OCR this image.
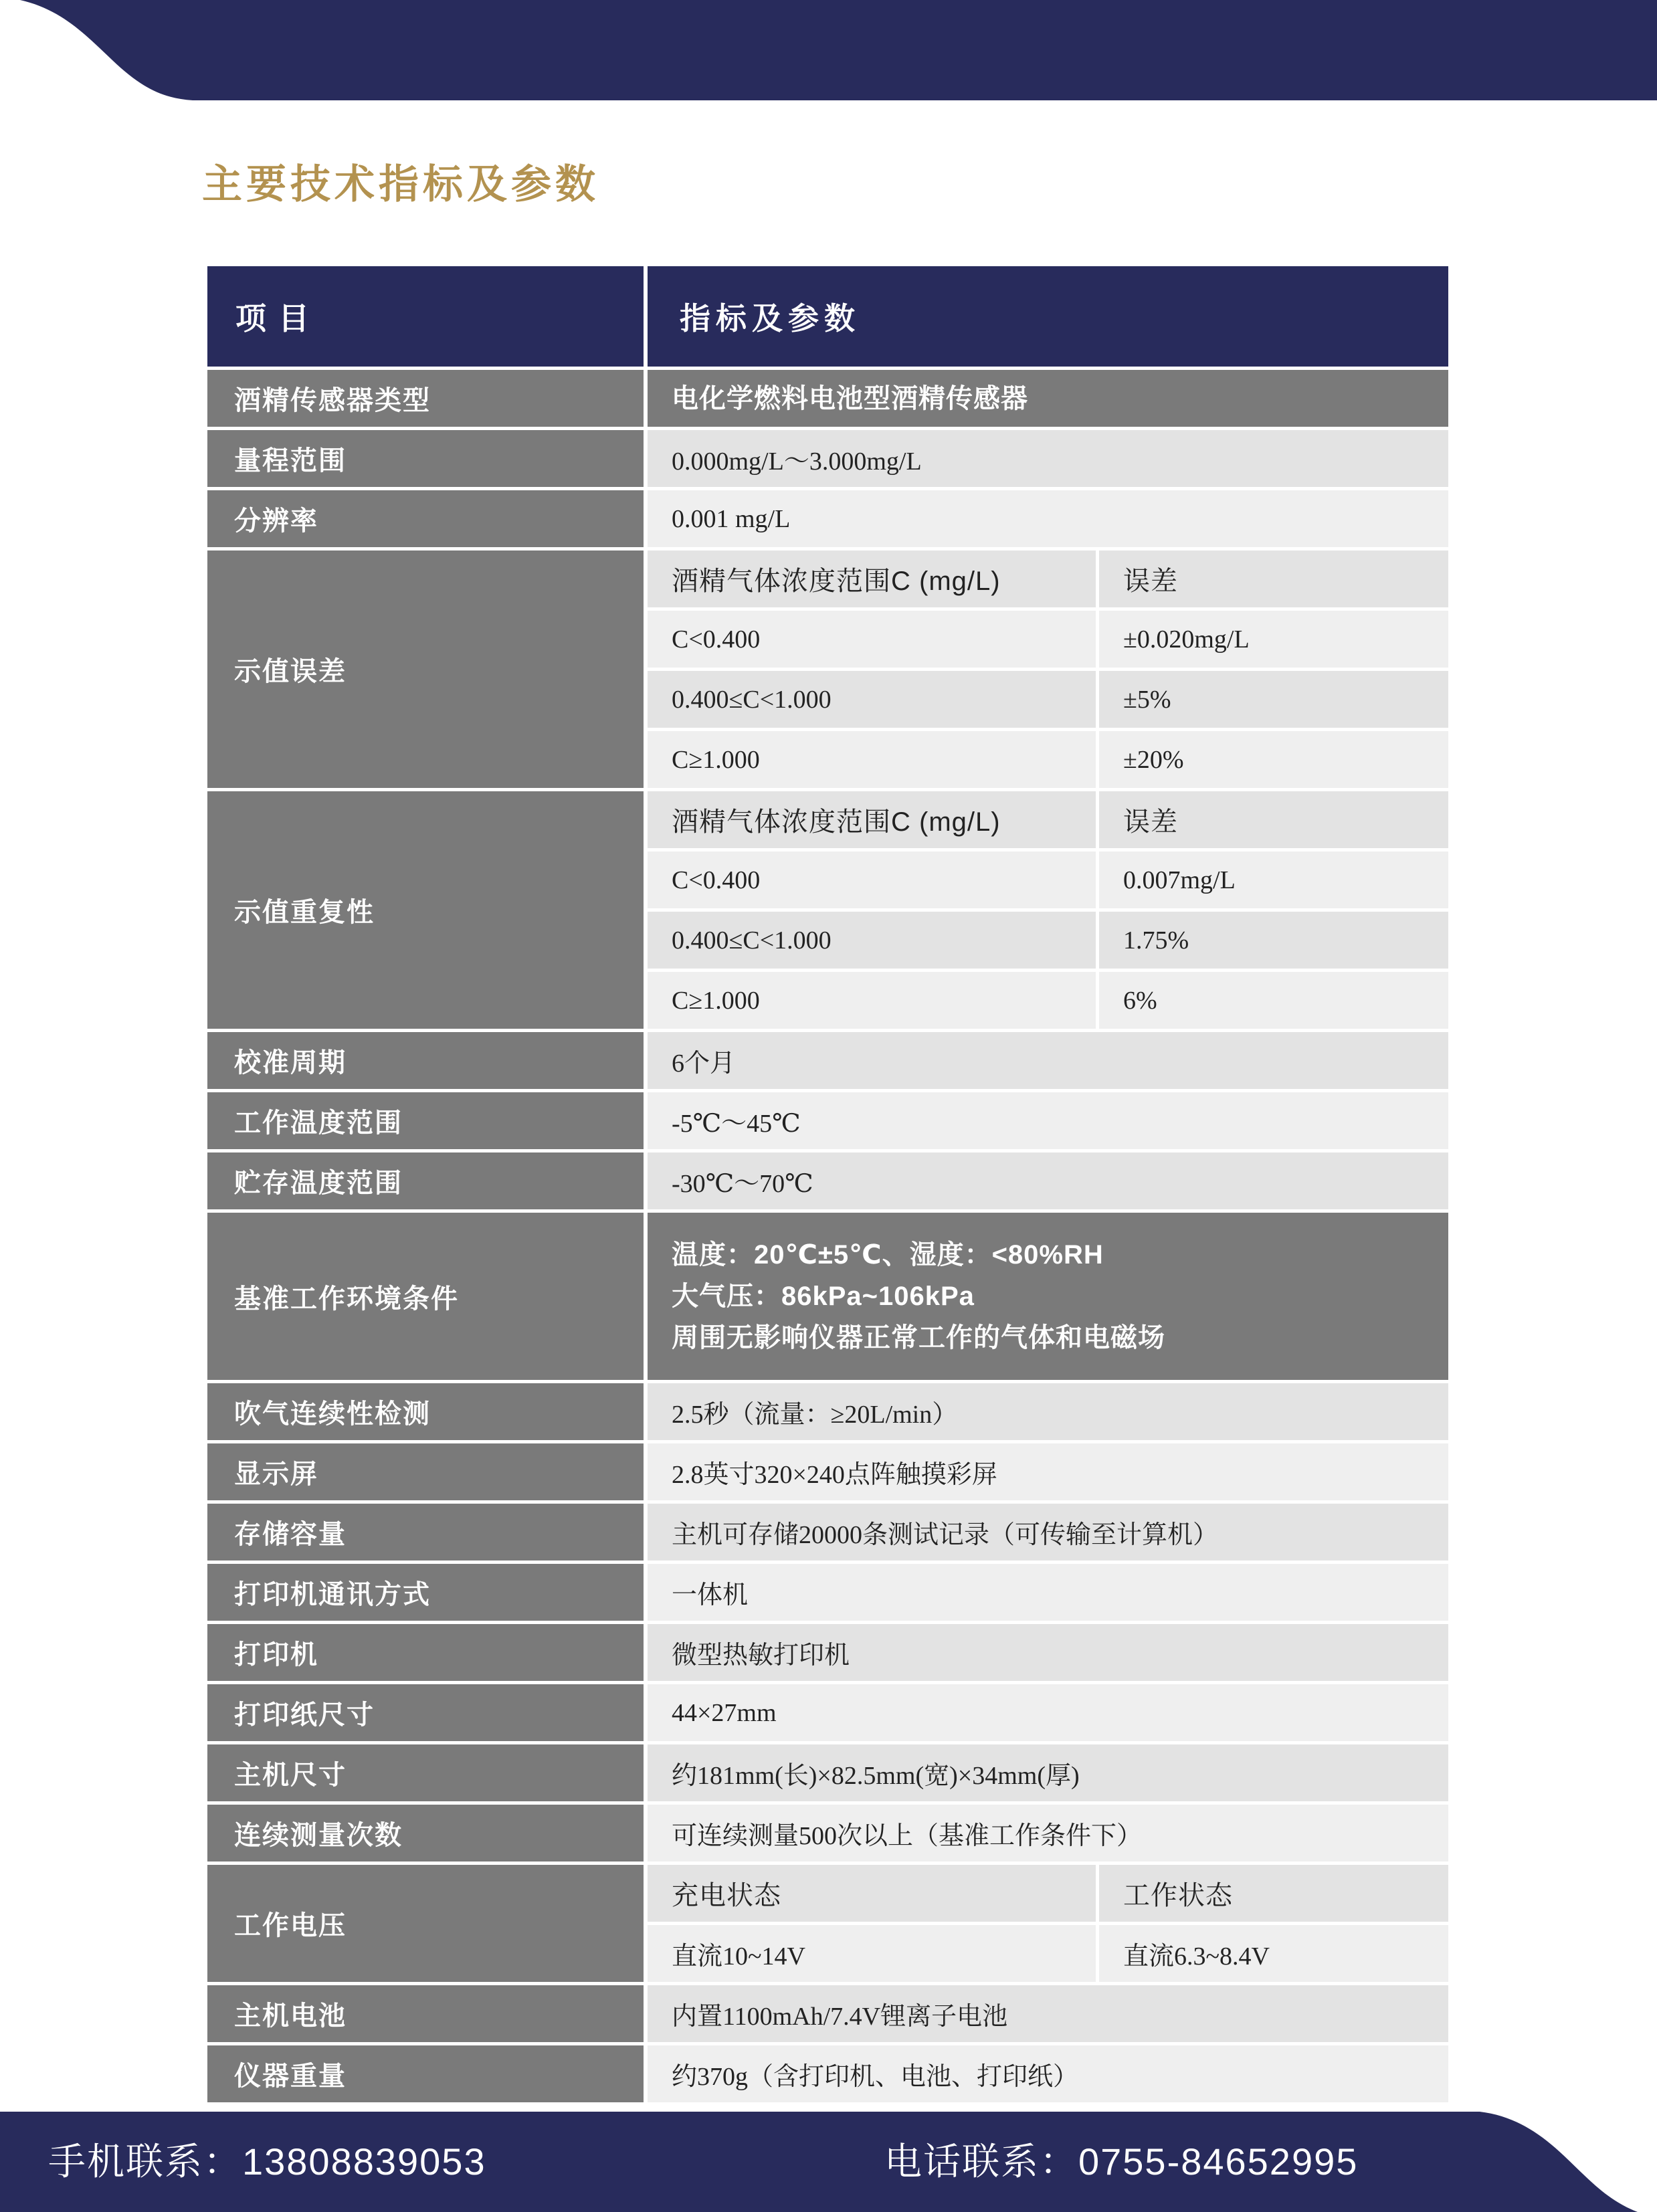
主要技术指标及参数
项目	指标及参数
酒精传感器类型	电化学燃料电池型酒精传感器
量程范围	0.000mg/L～3.000mg/L
分辨率	0.001 mg/L
示值误差
酒精气体浓度范围C (mg/L)	误差
C<0.400	±0.020mg/L
0.400≤C<1.000	±5%
C≥1.000	±20%
示值重复性
酒精气体浓度范围C (mg/L)	误差
C<0.400	0.007mg/L
0.400≤C<1.000	1.75%
C≥1.000	6%
校准周期	6个月
工作温度范围	-5℃～45℃
贮存温度范围	-30℃～70℃
基准工作环境条件
温度：20℃±5℃、湿度：<80%RH
大气压：86kPa~106kPa
周围无影响仪器正常工作的气体和电磁场
吹气连续性检测	2.5秒（流量：≥20L/min）
显示屏	2.8英寸320×240点阵触摸彩屏
存储容量	主机可存储20000条测试记录（可传输至计算机）
打印机通讯方式	一体机
打印机	微型热敏打印机
打印纸尺寸	44×27mm
主机尺寸	约181mm(长)×82.5mm(宽)×34mm(厚)
连续测量次数	可连续测量500次以上（基准工作条件下）
工作电压
充电状态	工作状态
直流10~14V	直流6.3~8.4V
主机电池	内置1100mAh/7.4V锂离子电池
仪器重量	约370g（含打印机、电池、打印纸）
手机联系：13808839053	电话联系：0755-84652995
